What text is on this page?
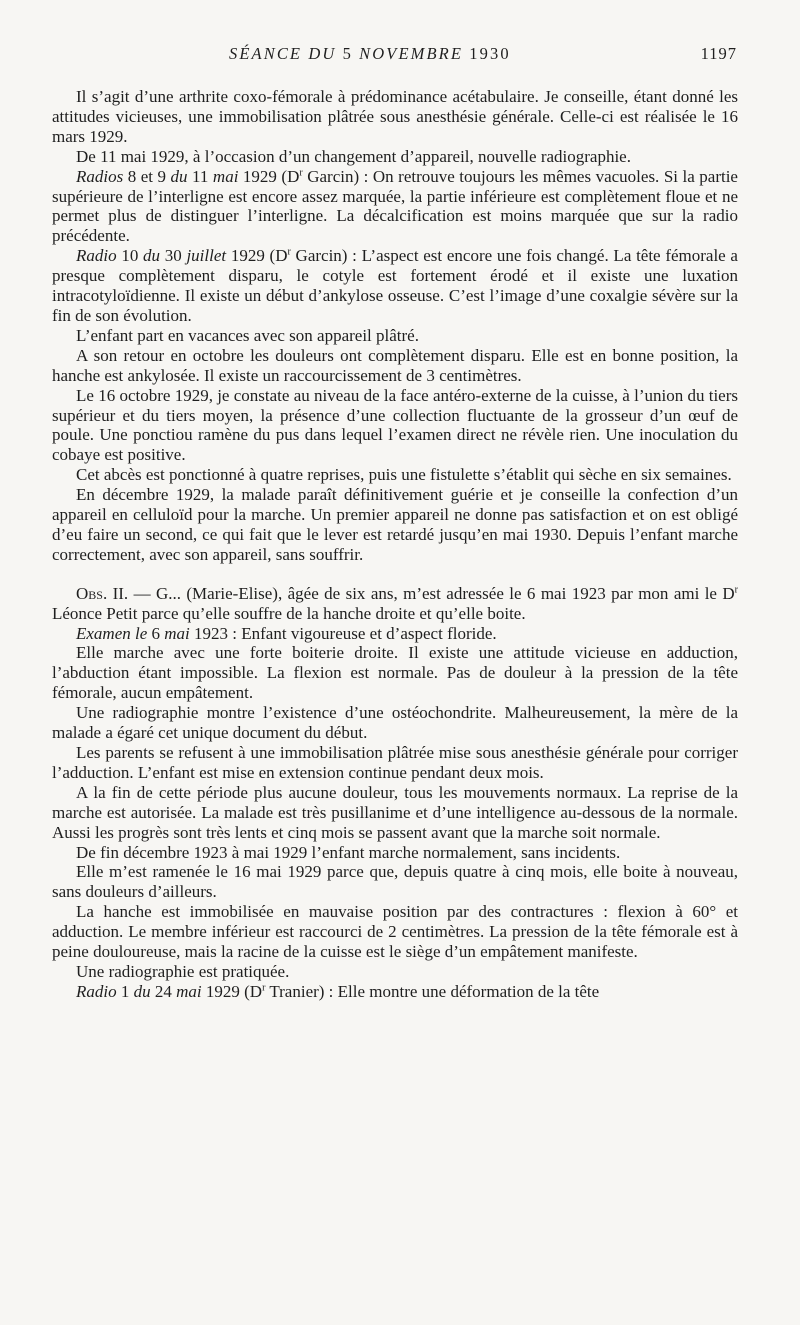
SÉANCE DU 5 NOVEMBRE 1930	1197

Il s’agit d’une arthrite coxo-fémorale à prédominance acétabulaire. Je conseille, étant donné les attitudes vicieuses, une immobilisation plâtrée sous anesthésie générale. Celle-ci est réalisée le 16 mars 1929.

De 11 mai 1929, à l’occasion d’un changement d’appareil, nouvelle radiographie.

Radios 8 et 9 du 11 mai 1929 ($D^r$ Garcin) : On retrouve toujours les mêmes vacuoles. Si la partie supérieure de l’interligne est encore assez marquée, la partie inférieure est complètement floue et ne permet plus de distinguer l’interligne. La décalcification est moins marquée que sur la radio précédente.

Radio 10 du 30 juillet 1929 ($D^r$ Garcin) : L’aspect est encore une fois changé. La tête fémorale a presque complètement disparu, le cotyle est fortement érodé et il existe une luxation intracotyloïdienne. Il existe un début d’ankylose osseuse. C’est l’image d’une coxalgie sévère sur la fin de son évolution.

L’enfant part en vacances avec son appareil plâtré.

A son retour en octobre les douleurs ont complètement disparu. Elle est en bonne position, la hanche est ankylosée. Il existe un raccourcissement de 3 centimètres.

Le 16 octobre 1929, je constate au niveau de la face antéro-externe de la cuisse, à l’union du tiers supérieur et du tiers moyen, la présence d’une collection fluctuante de la grosseur d’un œuf de poule. Une ponctiou ramène du pus dans lequel l’examen direct ne révèle rien. Une inoculation du cobaye est positive.

Cet abcès est ponctionné à quatre reprises, puis une fistulette s’établit qui sèche en six semaines.

En décembre 1929, la malade paraît définitivement guérie et je conseille la confection d’un appareil en celluloïd pour la marche. Un premier appareil ne donne pas satisfaction et on est obligé d’eu faire un second, ce qui fait que le lever est retardé jusqu’en mai 1930. Depuis l’enfant marche correctement, avec son appareil, sans souffrir.

Obs. II. — G... (Marie-Elise), âgée de six ans, m’est adressée le 6 mai 1923 par mon ami le $D^r$ Léonce Petit parce qu’elle souffre de la hanche droite et qu’elle boite.

Examen le 6 mai 1923 : Enfant vigoureuse et d’aspect floride.

Elle marche avec une forte boiterie droite. Il existe une attitude vicieuse en adduction, l’abduction étant impossible. La flexion est normale. Pas de douleur à la pression de la tête fémorale, aucun empâtement.

Une radiographie montre l’existence d’une ostéochondrite. Malheureusement, la mère de la malade a égaré cet unique document du début.

Les parents se refusent à une immobilisation plâtrée mise sous anesthésie générale pour corriger l’adduction. L’enfant est mise en extension continue pendant deux mois.

A la fin de cette période plus aucune douleur, tous les mouvements normaux. La reprise de la marche est autorisée. La malade est très pusillanime et d’une intelligence au-dessous de la normale. Aussi les progrès sont très lents et cinq mois se passent avant que la marche soit normale.

De fin décembre 1923 à mai 1929 l’enfant marche normalement, sans incidents.

Elle m’est ramenée le 16 mai 1929 parce que, depuis quatre à cinq mois, elle boite à nouveau, sans douleurs d’ailleurs.

La hanche est immobilisée en mauvaise position par des contractures : flexion à 60° et adduction. Le membre inférieur est raccourci de 2 centimètres. La pression de la tête fémorale est à peine douloureuse, mais la racine de la cuisse est le siège d’un empâtement manifeste.

Une radiographie est pratiquée.

Radio 1 du 24 mai 1929 ($D^r$ Tranier) : Elle montre une déformation de la tête
